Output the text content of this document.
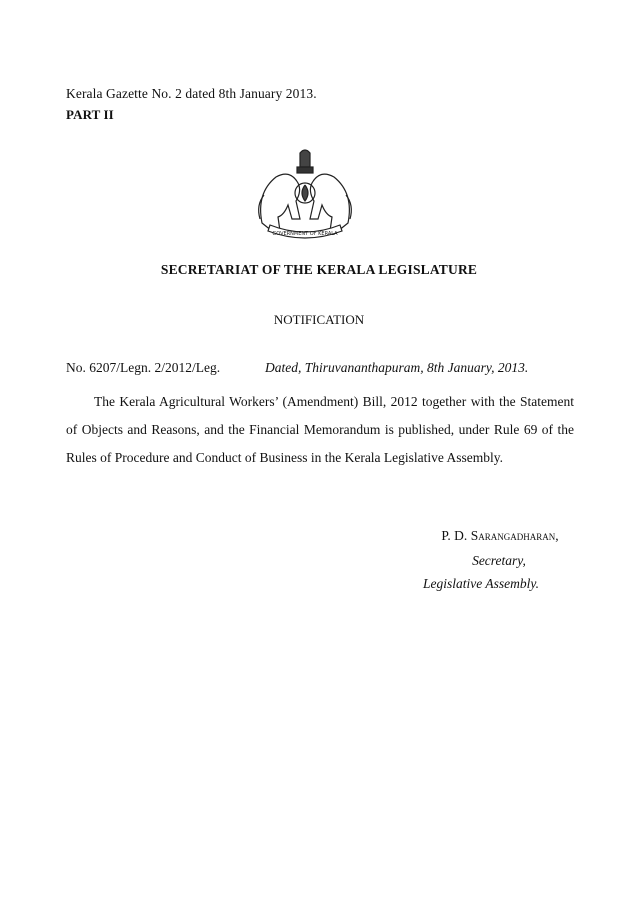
Kerala Gazette No. 2 dated 8th January 2013.
PART II
GOVERNMENT OF KERALA
SECRETARIAT OF THE KERALA LEGISLATURE
NOTIFICATION
No. 6207/Legn. 2/2012/Leg.	Dated, Thiruvananthapuram, 8th January, 2013.

The Kerala Agricultural Workers’ (Amendment) Bill, 2012 together with the Statement of Objects and Reasons, and the Financial Memorandum is published, under Rule 69 of the Rules of Procedure and Conduct of Business in the Kerala Legislative Assembly.

P. D. Sarangadharan,
Secretary,
Legislative Assembly.
